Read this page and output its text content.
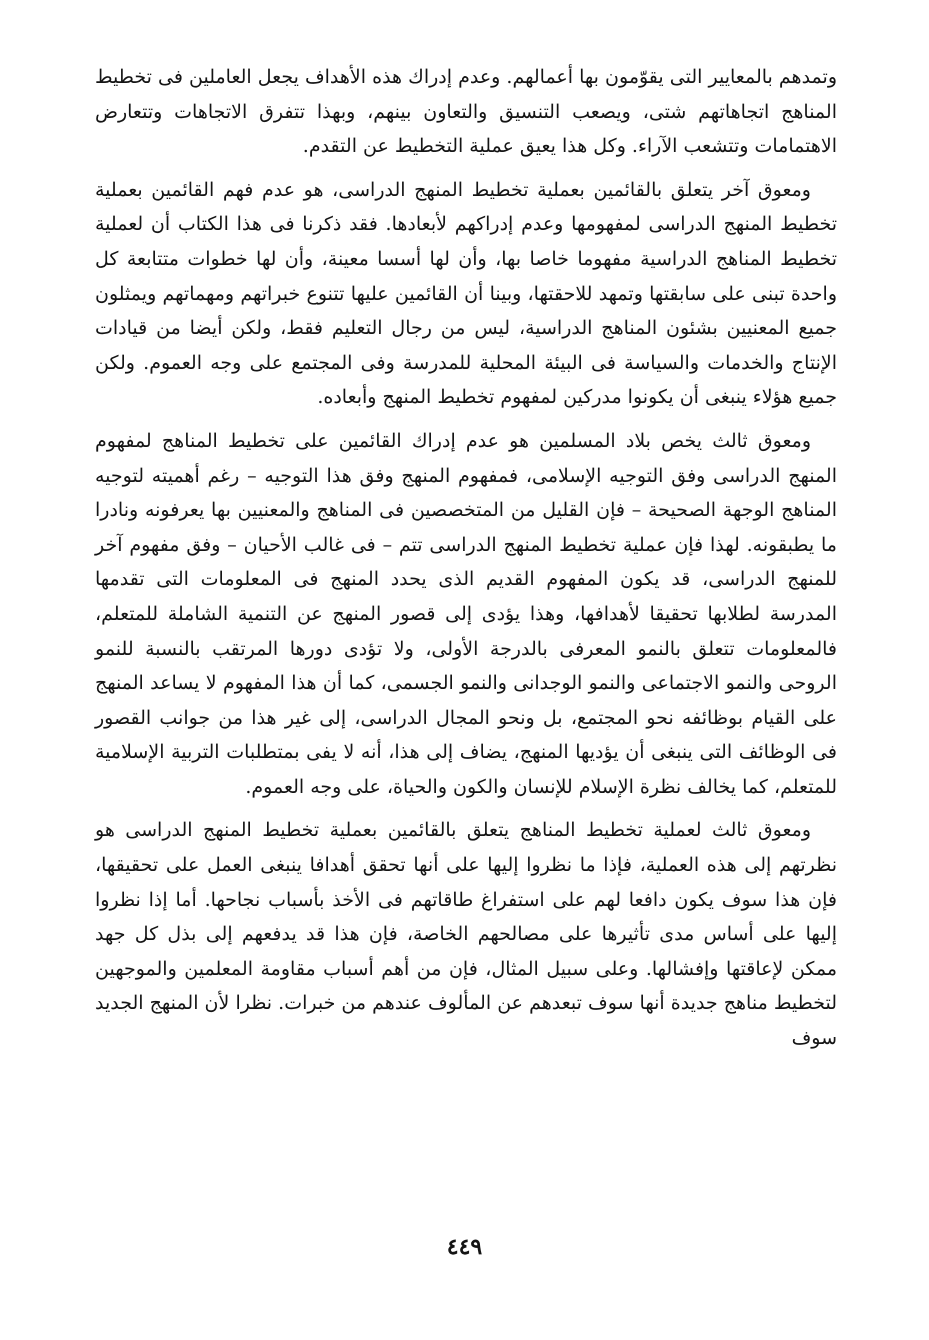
وتمدهم بالمعايير التى يقوّمون بها أعمالهم. وعدم إدراك هذه الأهداف يجعل العاملين فى تخطيط المناهج اتجاهاتهم شتى، ويصعب التنسيق والتعاون بينهم، وبهذا تتفرق الاتجاهات وتتعارض الاهتمامات وتتشعب الآراء. وكل هذا يعيق عملية التخطيط عن التقدم.

ومعوق آخر يتعلق بالقائمين بعملية تخطيط المنهج الدراسى، هو عدم فهم القائمين بعملية تخطيط المنهج الدراسى لمفهومها وعدم إدراكهم لأبعادها. فقد ذكرنا فى هذا الكتاب أن لعملية تخطيط المناهج الدراسية مفهوما خاصا بها، وأن لها أسسا معينة، وأن لها خطوات متتابعة كل واحدة تبنى على سابقتها وتمهد للاحقتها، وبينا أن القائمين عليها تتنوع خبراتهم ومهماتهم ويمثلون جميع المعنيين بشئون المناهج الدراسية، ليس من رجال التعليم فقط، ولكن أيضا من قيادات الإنتاج والخدمات والسياسة فى البيئة المحلية للمدرسة وفى المجتمع على وجه العموم. ولكن جميع هؤلاء ينبغى أن يكونوا مدركين لمفهوم تخطيط المنهج وأبعاده.

ومعوق ثالث يخص بلاد المسلمين هو عدم إدراك القائمين على تخطيط المناهج لمفهوم المنهج الدراسى وفق التوجيه الإسلامى، فمفهوم المنهج وفق هذا التوجيه – رغم أهميته لتوجيه المناهج الوجهة الصحيحة – فإن القليل من المتخصصين فى المناهج والمعنيين بها يعرفونه ونادرا ما يطبقونه. لهذا فإن عملية تخطيط المنهج الدراسى تتم – فى غالب الأحيان – وفق مفهوم آخر للمنهج الدراسى، قد يكون المفهوم القديم الذى يحدد المنهج فى المعلومات التى تقدمها المدرسة لطلابها تحقيقا لأهدافها، وهذا يؤدى إلى قصور المنهج عن التنمية الشاملة للمتعلم، فالمعلومات تتعلق بالنمو المعرفى بالدرجة الأولى، ولا تؤدى دورها المرتقب بالنسبة للنمو الروحى والنمو الاجتماعى والنمو الوجدانى والنمو الجسمى، كما أن هذا المفهوم لا يساعد المنهج على القيام بوظائفه نحو المجتمع، بل ونحو المجال الدراسى، إلى غير هذا من جوانب القصور فى الوظائف التى ينبغى أن يؤديها المنهج، يضاف إلى هذا، أنه لا يفى بمتطلبات التربية الإسلامية للمتعلم، كما يخالف نظرة الإسلام للإنسان والكون والحياة، على وجه العموم.

ومعوق ثالث لعملية تخطيط المناهج يتعلق بالقائمين بعملية تخطيط المنهج الدراسى هو نظرتهم إلى هذه العملية، فإذا ما نظروا إليها على أنها تحقق أهدافا ينبغى العمل على تحقيقها، فإن هذا سوف يكون دافعا لهم على استفراغ طاقاتهم فى الأخذ بأسباب نجاحها. أما إذا نظروا إليها على أساس مدى تأثيرها على مصالحهم الخاصة، فإن هذا قد يدفعهم إلى بذل كل جهد ممكن لإعاقتها وإفشالها. وعلى سبيل المثال، فإن من أهم أسباب مقاومة المعلمين والموجهين لتخطيط مناهج جديدة أنها سوف تبعدهم عن المألوف عندهم من خبرات. نظرا لأن المنهج الجديد سوف

٤٤٩
